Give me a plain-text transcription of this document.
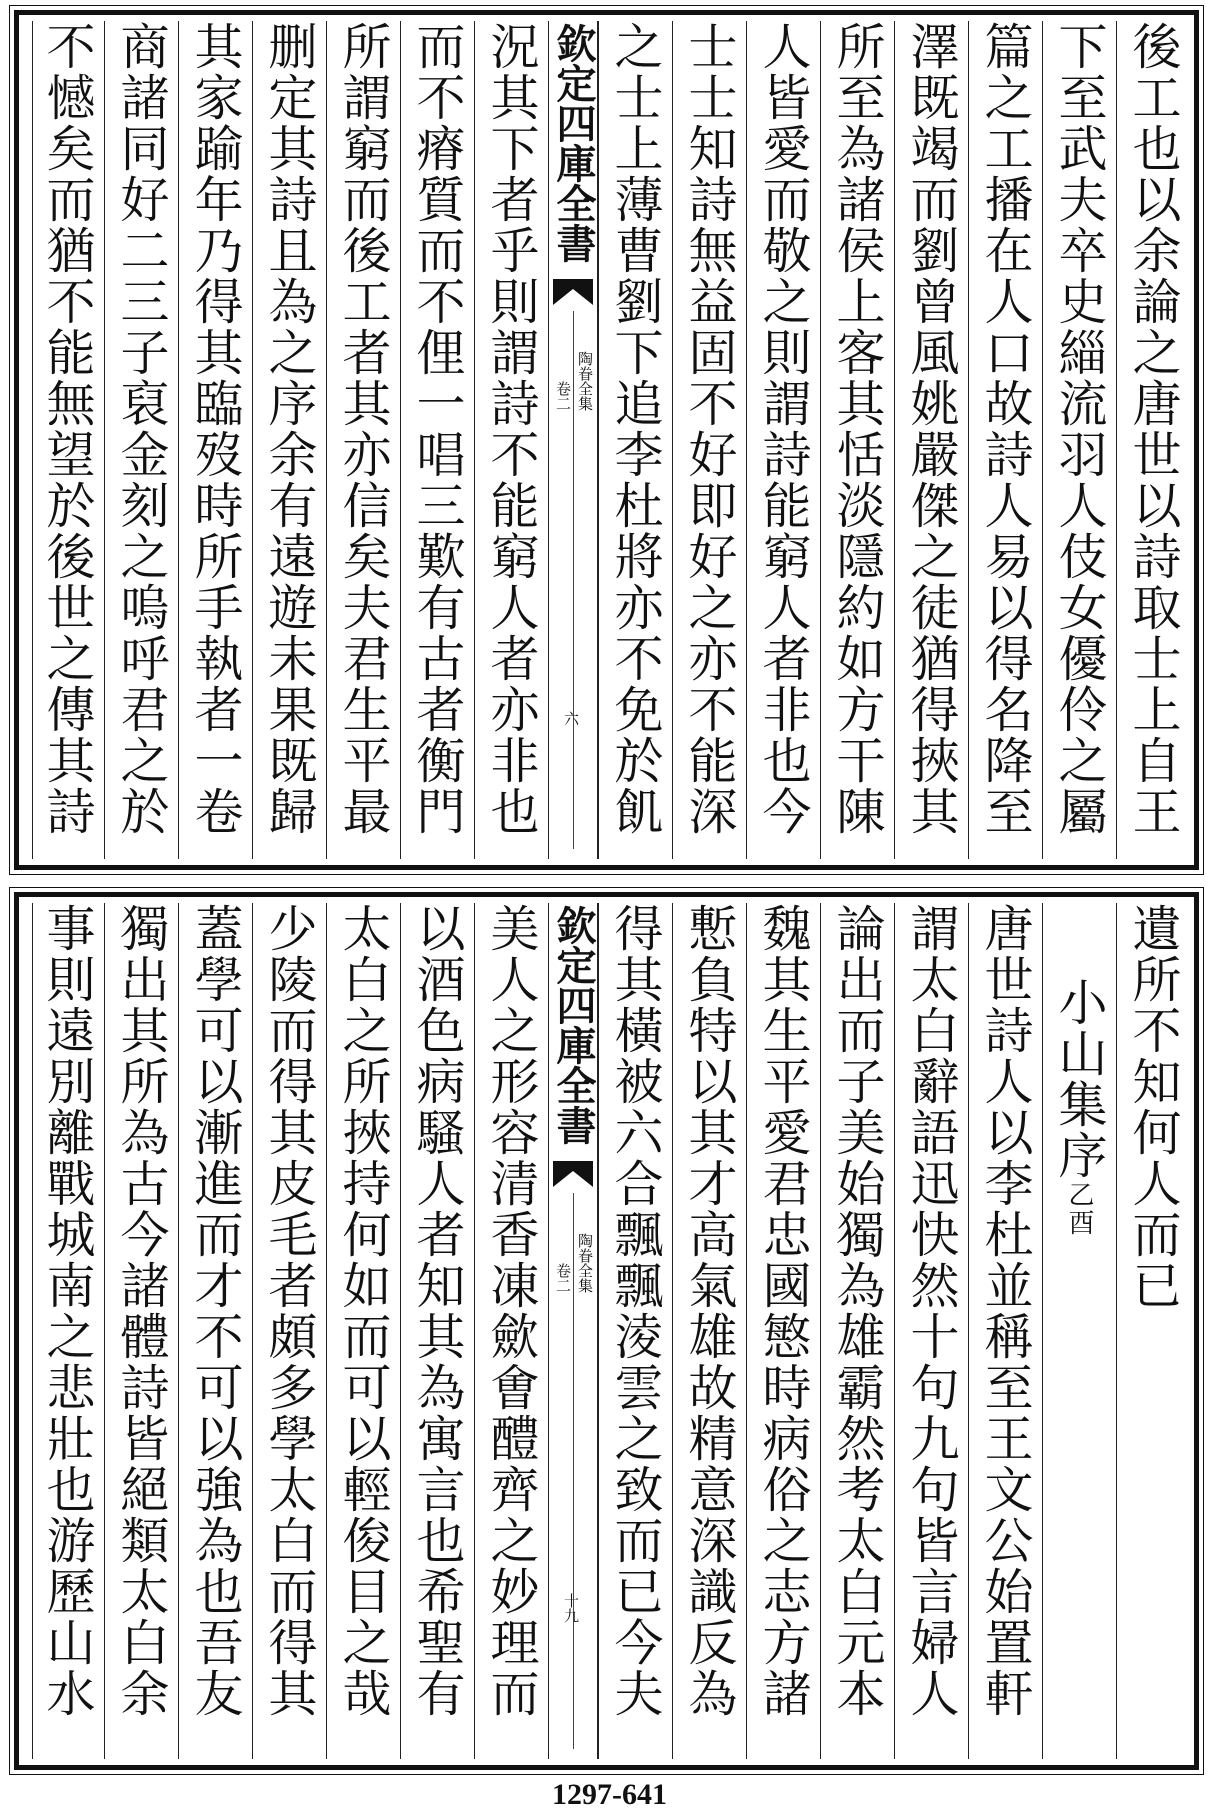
後工也以余論之唐世以詩取士上自王
下至武夫卒史緇流羽人伎女優伶之屬
篇之工播在人口故詩人易以得名降至
澤既竭而劉曾風姚嚴傑之徒猶得挾其
所至為諸侯上客其恬淡隱約如方干陳
人皆愛而敬之則謂詩能窮人者非也今
士士知詩無益固不好即好之亦不能深
之士上薄曹劉下追李杜將亦不免於飢
欽定四庫全書
陶眷全集
卷二
六
況其下者乎則謂詩不能窮人者亦非也
而不瘠質而不俚一唱三歎有古者衡門
所謂窮而後工者其亦信矣夫君生平最
删定其詩且為之序余有遠遊未果既歸
其家踰年乃得其臨歿時所手執者一卷
商諸同好二三子裒金刻之嗚呼君之於
不憾矣而猶不能無望於後世之傳其詩
遺所不知何人而已
小山集序乙酉
唐世詩人以李杜並稱至王文公始置軒
謂太白辭語迅快然十句九句皆言婦人
論出而子美始獨為雄霸然考太白元本
魏其生平愛君忠國慜時病俗之志方諸
慙負特以其才高氣雄故精意深識反為
得其橫被六合飄飄淩雲之致而已今夫
欽定四庫全書
陶眷全集
卷二
十九
美人之形容清香凍歛㑹醴齊之妙理而
以酒色病騷人者知其為寓言也希聖有
太白之所挾持何如而可以輕俊目之哉
少陵而得其皮毛者頗多學太白而得其
蓋學可以漸進而才不可以強為也吾友
獨出其所為古今諸體詩皆絕類太白余
事則遠別離戰城南之悲壯也游歷山水
1297-641
